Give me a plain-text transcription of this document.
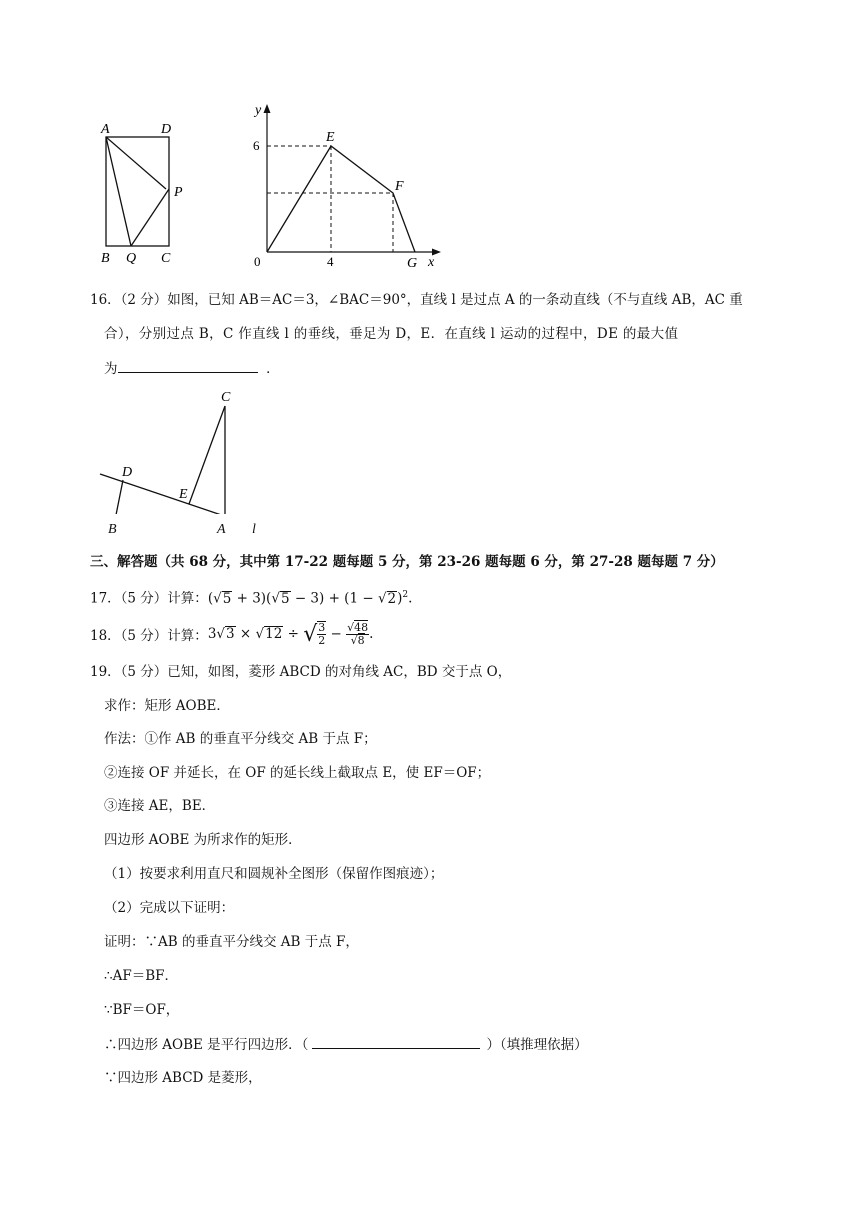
A	D
P
B Q C
y
x
E
F
G
0
6
4
16．（2 分）如图，已知 AB＝AC＝3，∠BAC＝90°，直线 l 是过点 A 的一条动直线（不与直线 AB，AC 重
合），分别过点 B，C 作直线 l 的垂线，垂足为 D，E．在直线 l 运动的过程中，DE 的最大值
为	．
C
D
E
B	A l
三、解答题（共 68 分，其中第 17-22 题每题 5 分，第 23-26 题每题 6 分，第 27-28 题每题 7 分）
17．（5 分）计算：$(√5 + 3)(√5 - 3) + (1 - √2)^2$.
18．（5 分）计算： 3 √ 3 × √ 12 ÷ √ $\frac{3}{2} - \frac{√48}{√8}$ .
19．（5 分）已知，如图，菱形 ABCD 的对角线 AC，BD 交于点 O，
求作：矩形 AOBE．
作法：①作 AB 的垂直平分线交 AB 于点 F；
②连接 OF 并延长，在 OF 的延长线上截取点 E，使 EF＝OF；
③连接 AE，BE．
四边形 AOBE 为所求作的矩形．
（1）按要求利用直尺和圆规补全图形（保留作图痕迹）；
（2）完成以下证明：
证明：∵AB 的垂直平分线交 AB 于点 F，
∴AF＝BF．
∵BF＝OF，
∴四边形 AOBE 是平行四边形．（	）（填推理依据）
∵四边形 ABCD 是菱形，
